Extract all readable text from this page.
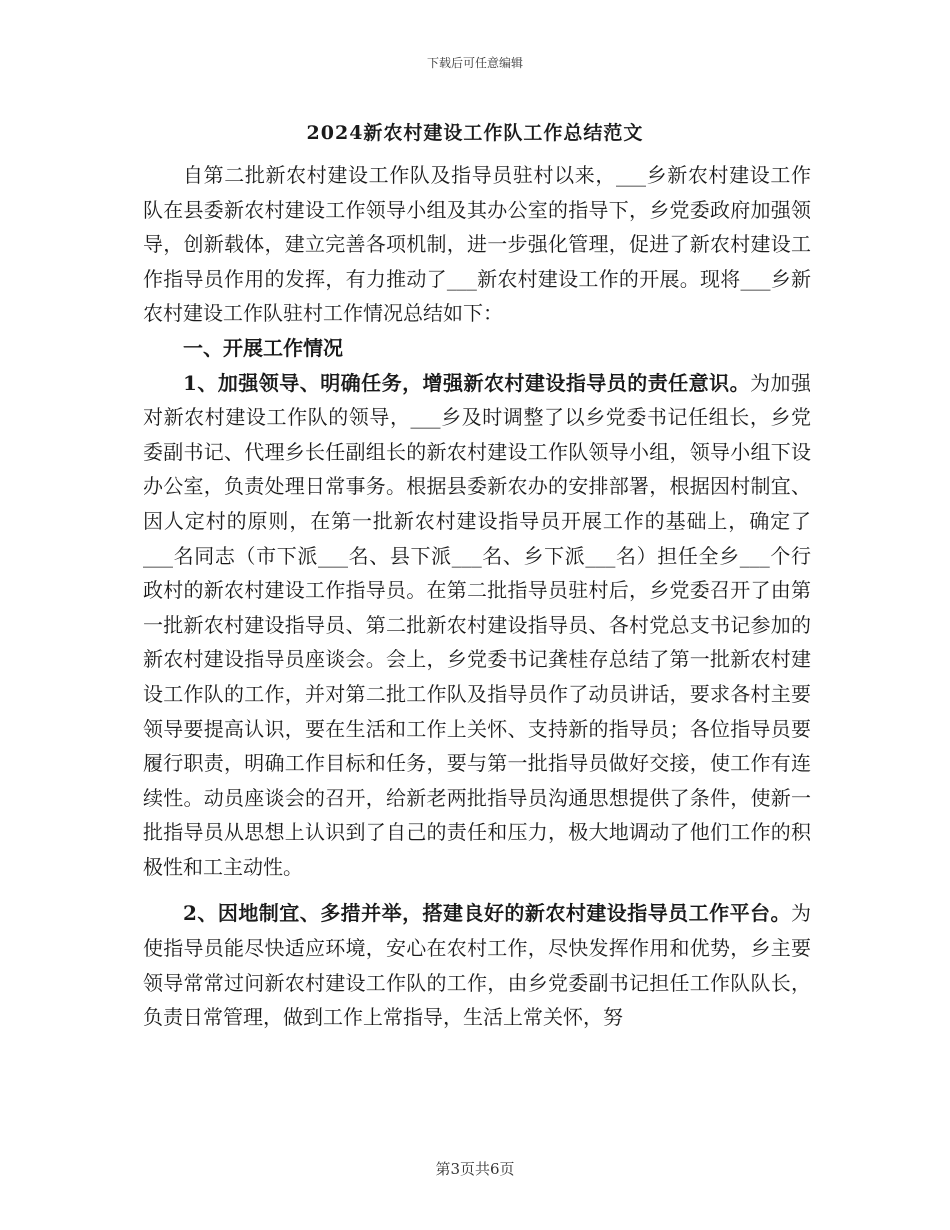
下载后可任意编辑
2024新农村建设工作队工作总结范文

自第二批新农村建设工作队及指导员驻村以来，___乡新农村建设工作队在县委新农村建设工作领导小组及其办公室的指导下，乡党委政府加强领导，创新载体，建立完善各项机制，进一步强化管理，促进了新农村建设工作指导员作用的发挥，有力推动了___新农村建设工作的开展。现将___乡新农村建设工作队驻村工作情况总结如下：

一、开展工作情况

1、加强领导、明确任务，增强新农村建设指导员的责任意识。为加强对新农村建设工作队的领导，___乡及时调整了以乡党委书记任组长，乡党委副书记、代理乡长任副组长的新农村建设工作队领导小组，领导小组下设办公室，负责处理日常事务。根据县委新农办的安排部署，根据因村制宜、因人定村的原则，在第一批新农村建设指导员开展工作的基础上，确定了___名同志（市下派___名、县下派___名、乡下派___名）担任全乡___个行政村的新农村建设工作指导员。在第二批指导员驻村后，乡党委召开了由第一批新农村建设指导员、第二批新农村建设指导员、各村党总支书记参加的新农村建设指导员座谈会。会上，乡党委书记龚桂存总结了第一批新农村建设工作队的工作，并对第二批工作队及指导员作了动员讲话，要求各村主要领导要提高认识，要在生活和工作上关怀、支持新的指导员；各位指导员要履行职责，明确工作目标和任务，要与第一批指导员做好交接，使工作有连续性。动员座谈会的召开，给新老两批指导员沟通思想提供了条件，使新一批指导员从思想上认识到了自己的责任和压力，极大地调动了他们工作的积极性和工主动性。

2、因地制宜、多措并举，搭建良好的新农村建设指导员工作平台。为使指导员能尽快适应环境，安心在农村工作，尽快发挥作用和优势，乡主要领导常常过问新农村建设工作队的工作，由乡党委副书记担任工作队队长，负责日常管理，做到工作上常指导，生活上常关怀，努

第3页共6页
